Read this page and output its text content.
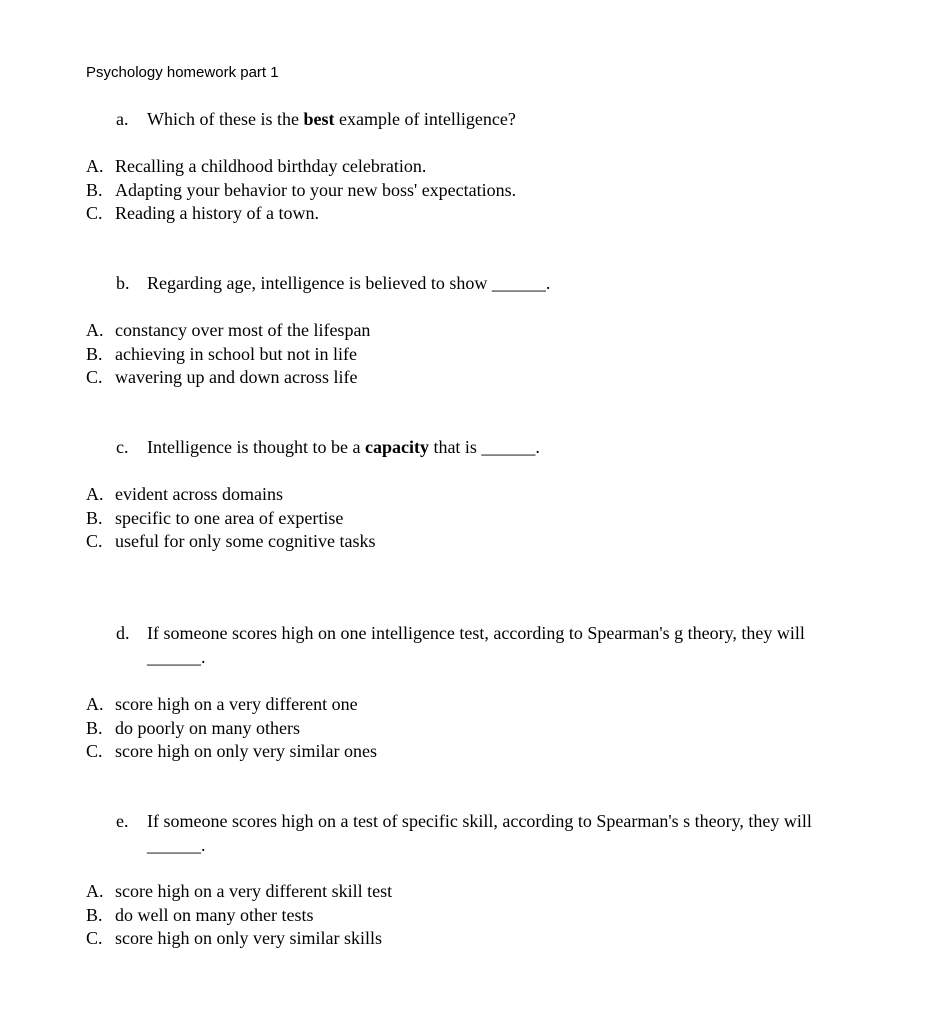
Psychology homework part 1
a. Which of these is the best example of intelligence?
A. Recalling a childhood birthday celebration.
B. Adapting your behavior to your new boss' expectations.
C. Reading a history of a town.
b. Regarding age, intelligence is believed to show ______.
A. constancy over most of the lifespan
B. achieving in school but not in life
C. wavering up and down across life
c. Intelligence is thought to be a capacity that is ______.
A. evident across domains
B. specific to one area of expertise
C. useful for only some cognitive tasks
d. If someone scores high on one intelligence test, according to Spearman's g theory, they will ______.
A. score high on a very different one
B. do poorly on many others
C. score high on only very similar ones
e. If someone scores high on a test of specific skill, according to Spearman's s theory, they will ______.
A. score high on a very different skill test
B. do well on many other tests
C. score high on only very similar skills
